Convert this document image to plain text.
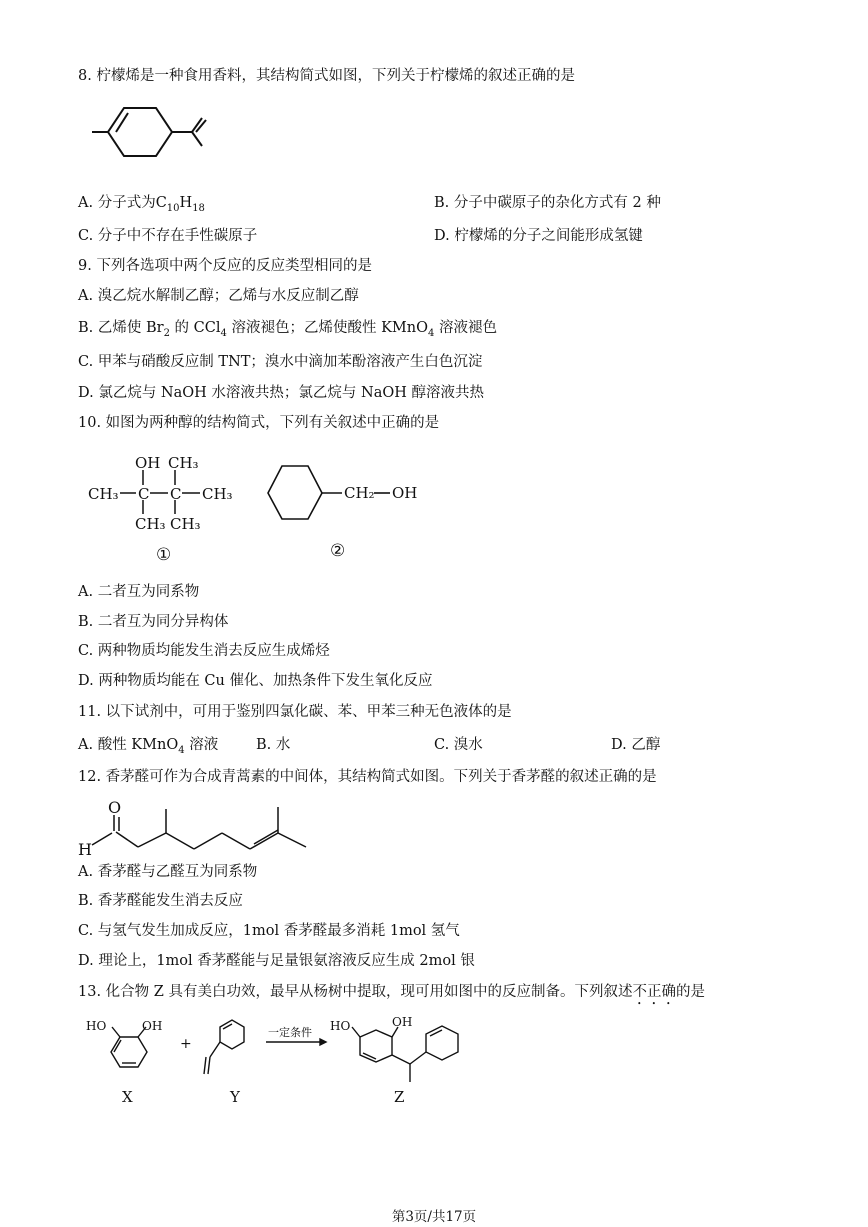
8. 柠檬烯是一种食用香料，其结构简式如图，下列关于柠檬烯的叙述正确的是
A. 分子式为$C_{10}H_{18}$	B. 分子中碳原子的杂化方式有 2 种
C. 分子中不存在手性碳原子	D. 柠檬烯的分子之间能形成氢键
9. 下列各选项中两个反应的反应类型相同的是
A. 溴乙烷水解制乙醇；乙烯与水反应制乙醇
B. 乙烯使 $Br_2$ 的 CCl$_4$ 溶液褪色；乙烯使酸性 KMnO$_4$ 溶液褪色
C. 甲苯与硝酸反应制 TNT；溴水中滴加苯酚溶液产生白色沉淀
D. 氯乙烷与 NaOH 水溶液共热；氯乙烷与 NaOH 醇溶液共热
10. 如图为两种醇的结构简式，下列有关叙述中正确的是
OH CH₃
CH₃ C C CH₃
CH₃ CH₃
①
CH₂ OH
②
A. 二者互为同系物
B. 二者互为同分异构体
C. 两种物质均能发生消去反应生成烯烃
D. 两种物质均能在 Cu 催化、加热条件下发生氧化反应
11. 以下试剂中，可用于鉴别四氯化碳、苯、甲苯三种无色液体的是
A. 酸性 KMnO$_4$ 溶液	B. 水	C. 溴水	D. 乙醇
12. 香茅醛可作为合成青蒿素的中间体，其结构简式如图。下列关于香茅醛的叙述正确的是
O
H
A. 香茅醛与乙醛互为同系物
B. 香茅醛能发生消去反应
C. 与氢气发生加成反应，1mol 香茅醛最多消耗 1mol 氢气
D. 理论上，1mol 香茅醛能与足量银氨溶液反应生成 2mol 银
13. 化合物 Z 具有美白功效，最早从杨树中提取，现可用如图中的反应制备。下列叙述不正确的是
HO	OH
X
+
Y
一定条件 HO	OH
Z
第3页/共17页
